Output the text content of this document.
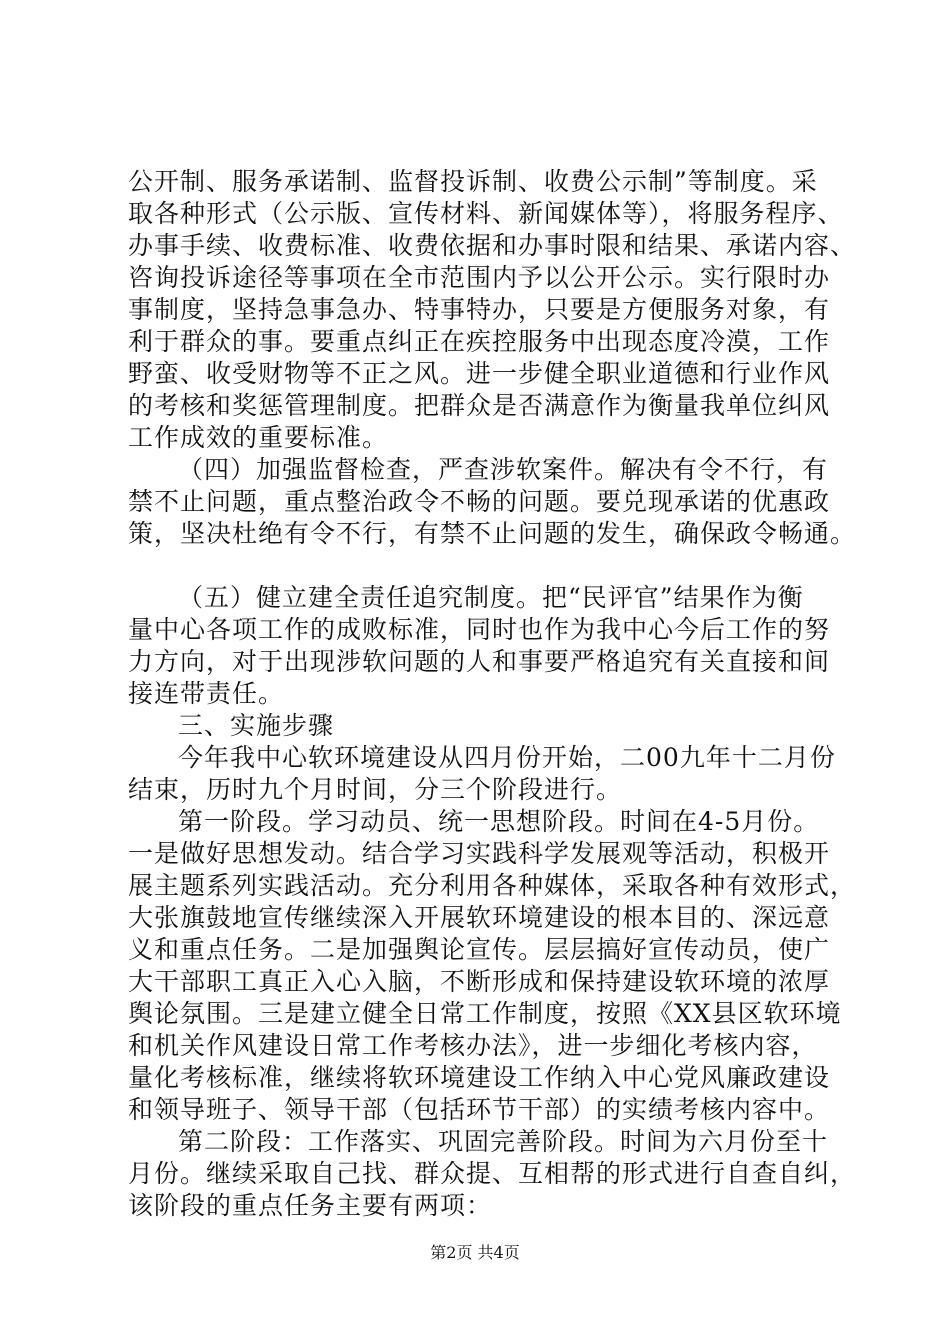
公开制、服务承诺制、监督投诉制、收费公示制”等制度。采
取各种形式（公示版、宣传材料、新闻媒体等），将服务程序、
办事手续、收费标准、收费依据和办事时限和结果、承诺内容、
咨询投诉途径等事项在全市范围内予以公开公示。实行限时办
事制度，坚持急事急办、特事特办，只要是方便服务对象，有
利于群众的事。要重点纠正在疾控服务中出现态度冷漠，工作
野蛮、收受财物等不正之风。进一步健全职业道德和行业作风
的考核和奖惩管理制度。把群众是否满意作为衡量我单位纠风
工作成效的重要标准。
（四）加强监督检查，严查涉软案件。解决有令不行，有
禁不止问题，重点整治政令不畅的问题。要兑现承诺的优惠政
策，坚决杜绝有令不行，有禁不止问题的发生，确保政令畅通。
（五）健立建全责任追究制度。把“民评官”结果作为衡
量中心各项工作的成败标准，同时也作为我中心今后工作的努
力方向，对于出现涉软问题的人和事要严格追究有关直接和间
接连带责任。
三、实施步骤
今年我中心软环境建设从四月份开始，二00九年十二月份
结束，历时九个月时间，分三个阶段进行。
第一阶段。学习动员、统一思想阶段。时间在4-5月份。
一是做好思想发动。结合学习实践科学发展观等活动，积极开
展主题系列实践活动。充分利用各种媒体，采取各种有效形式，
大张旗鼓地宣传继续深入开展软环境建设的根本目的、深远意
义和重点任务。二是加强舆论宣传。层层搞好宣传动员，使广
大干部职工真正入心入脑，不断形成和保持建设软环境的浓厚
舆论氛围。三是建立健全日常工作制度，按照《XX县区软环境
和机关作风建设日常工作考核办法》，进一步细化考核内容，
量化考核标准，继续将软环境建设工作纳入中心党风廉政建设
和领导班子、领导干部（包括环节干部）的实绩考核内容中。
第二阶段：工作落实、巩固完善阶段。时间为六月份至十
月份。继续采取自己找、群众提、互相帮的形式进行自查自纠，
该阶段的重点任务主要有两项：
第2页 共4页
